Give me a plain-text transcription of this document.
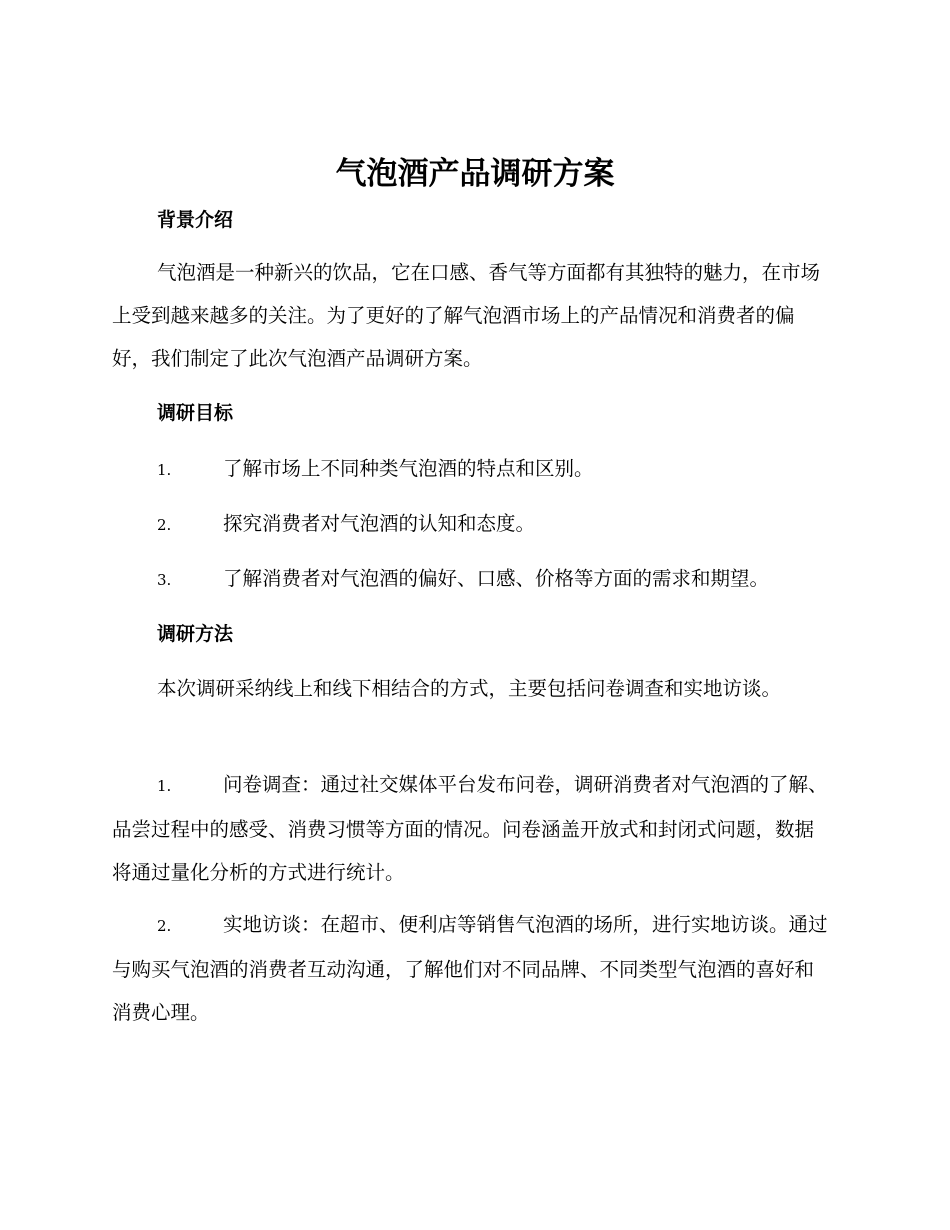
气泡酒产品调研方案
背景介绍

气泡酒是一种新兴的饮品，它在口感、香气等方面都有其独特的魅力，在市场上受到越来越多的关注。为了更好的了解气泡酒市场上的产品情况和消费者的偏好，我们制定了此次气泡酒产品调研方案。

调研目标

1.	了解市场上不同种类气泡酒的特点和区别。

2.	探究消费者对气泡酒的认知和态度。

3.	了解消费者对气泡酒的偏好、口感、价格等方面的需求和期望。

调研方法

本次调研采纳线上和线下相结合的方式，主要包括问卷调查和实地访谈。

1.	问卷调查：通过社交媒体平台发布问卷，调研消费者对气泡酒的了解、品尝过程中的感受、消费习惯等方面的情况。问卷涵盖开放式和封闭式问题，数据将通过量化分析的方式进行统计。

2.	实地访谈：在超市、便利店等销售气泡酒的场所，进行实地访谈。通过与购买气泡酒的消费者互动沟通，了解他们对不同品牌、不同类型气泡酒的喜好和消费心理。
